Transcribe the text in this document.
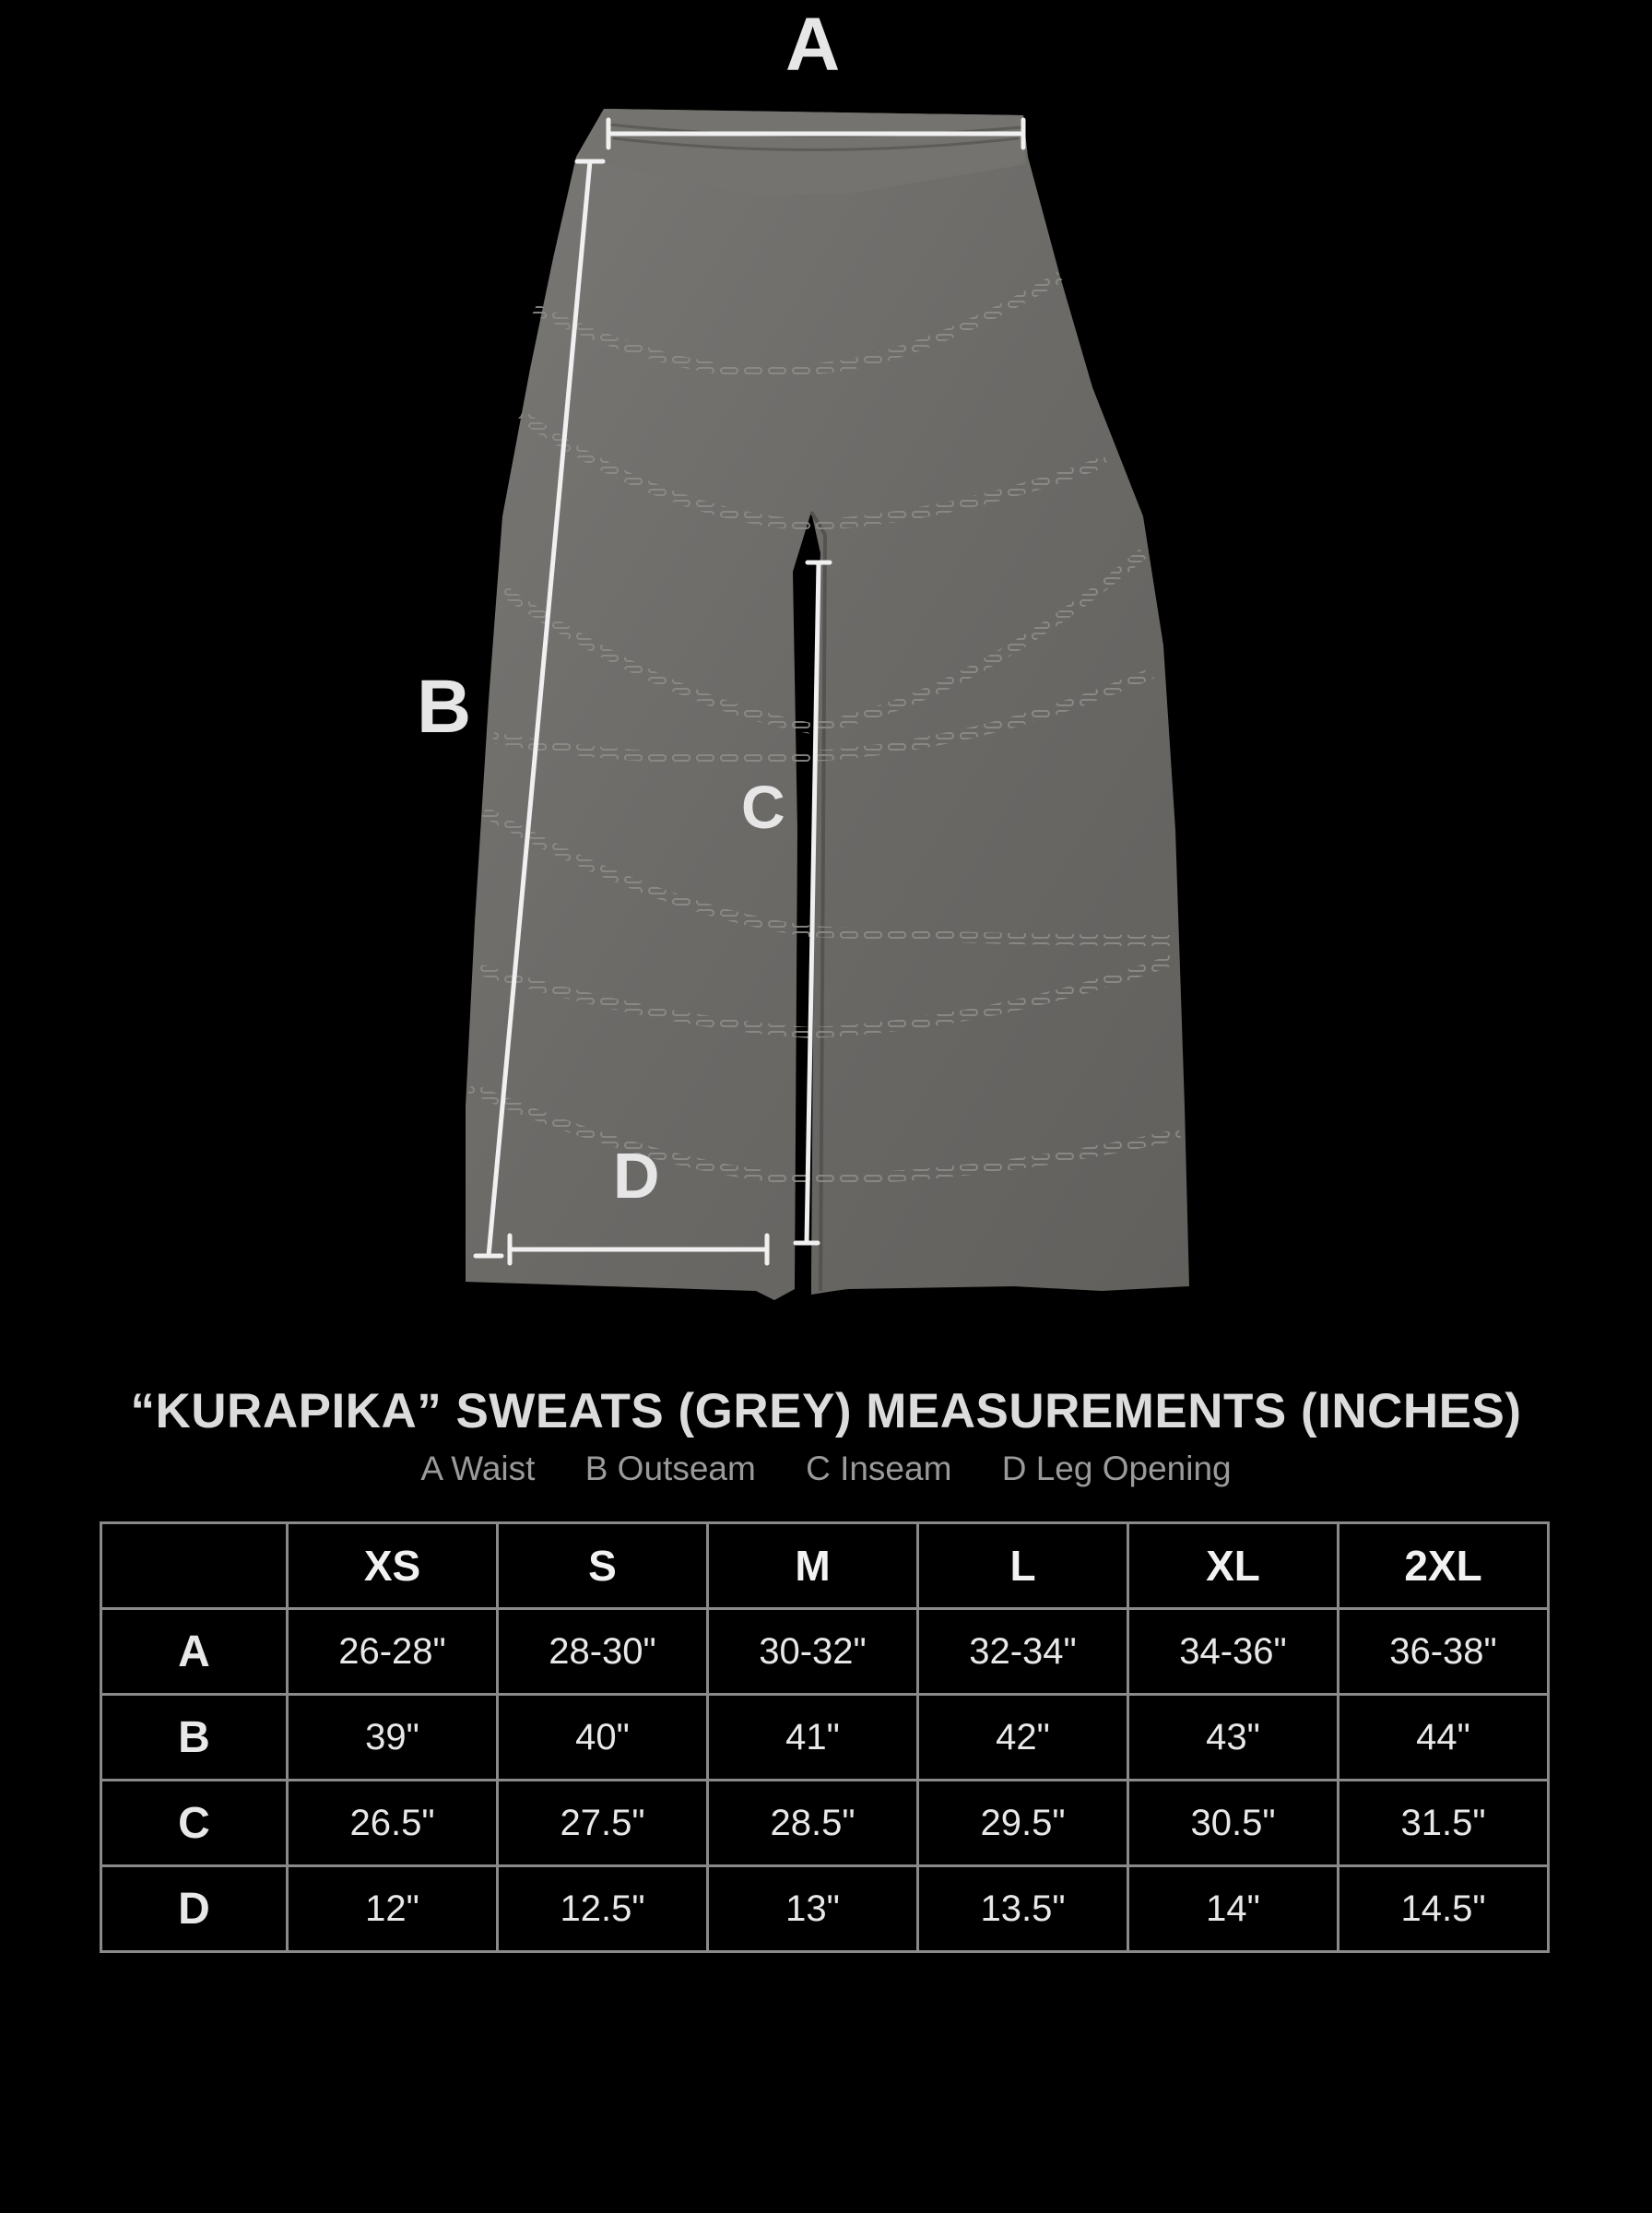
A
B
C
D
“KURAPIKA” SWEATS (GREY) MEASUREMENTS (INCHES)
A Waist B Outseam C Inseam D Leg Opening
	XS	S	M	L	XL	2XL
A	26-28"	28-30"	30-32"	32-34"	34-36"	36-38"
B	39"	40"	41"	42"	43"	44"
C	26.5"	27.5"	28.5"	29.5"	30.5"	31.5"
D	12"	12.5"	13"	13.5"	14"	14.5"
